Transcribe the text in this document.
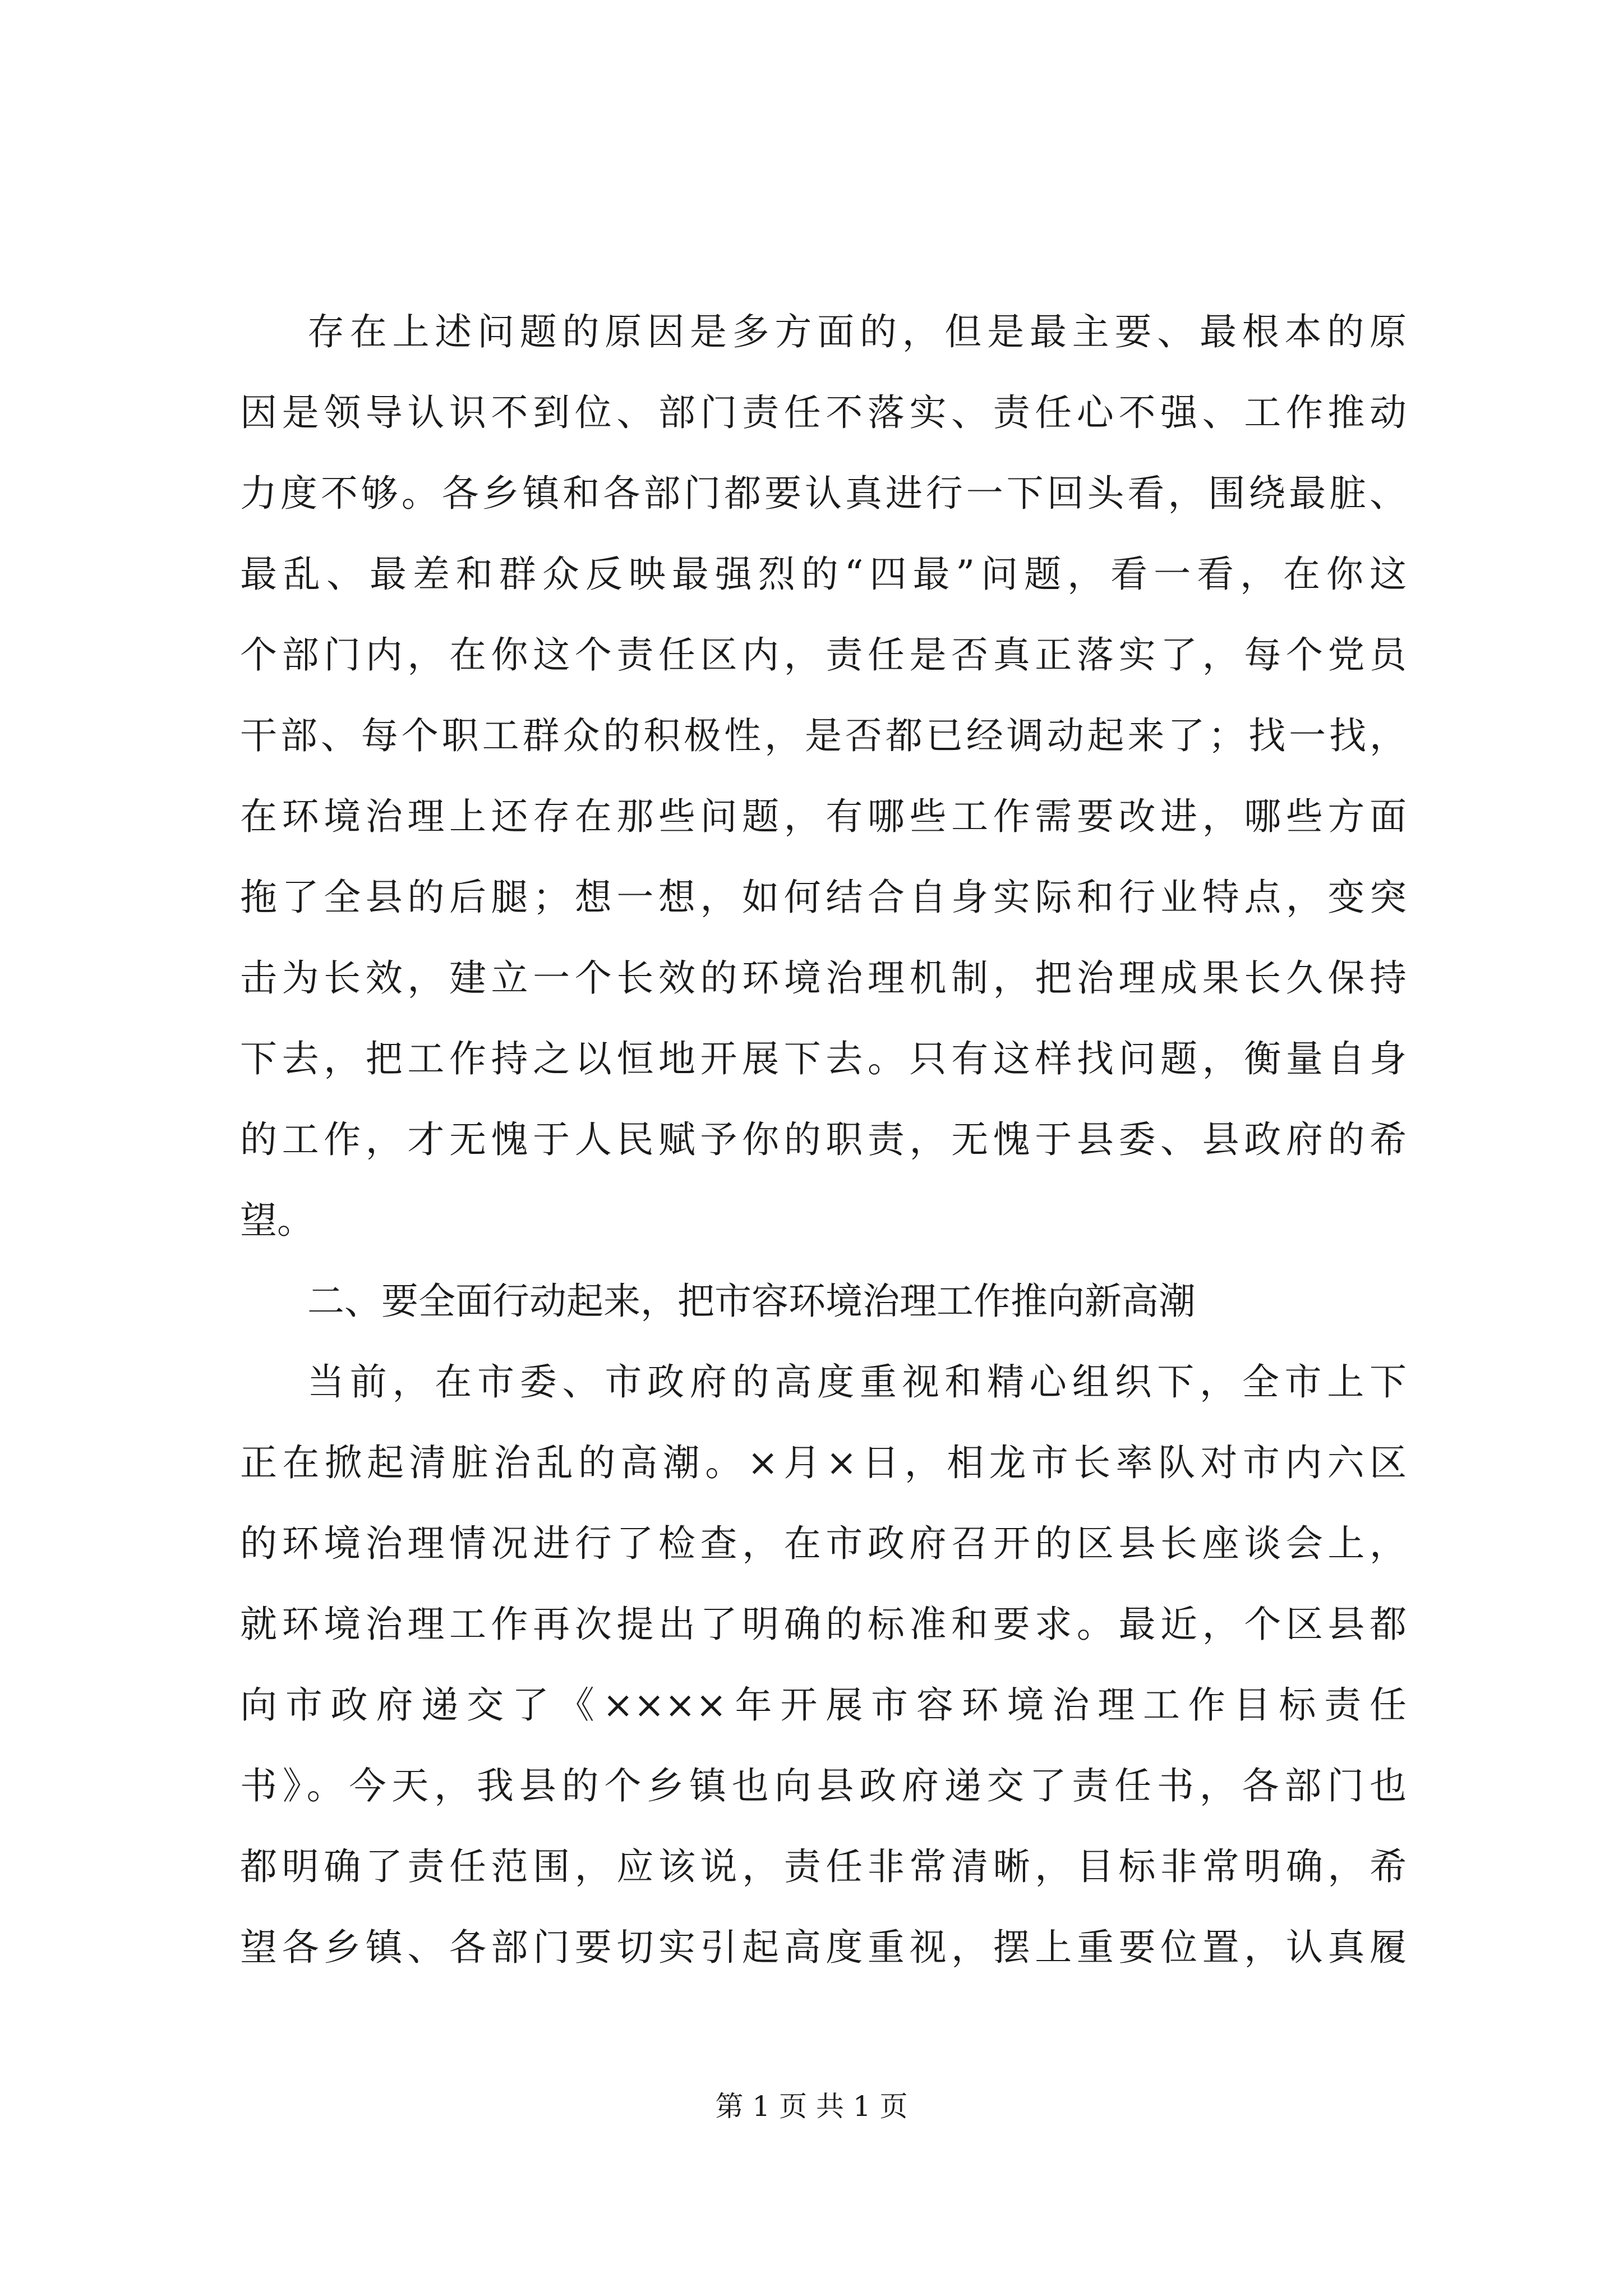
存在上述问题的原因是多方面的，但是最主要、最根本的原
因是领导认识不到位、部门责任不落实、责任心不强、工作推动
力度不够。各乡镇和各部门都要认真进行一下回头看，围绕最脏、
最乱、最差和群众反映最强烈的“四最”问题，看一看，在你这
个部门内，在你这个责任区内，责任是否真正落实了，每个党员
干部、每个职工群众的积极性，是否都已经调动起来了；找一找，
在环境治理上还存在那些问题，有哪些工作需要改进，哪些方面
拖了全县的后腿；想一想，如何结合自身实际和行业特点，变突
击为长效，建立一个长效的环境治理机制，把治理成果长久保持
下去，把工作持之以恒地开展下去。只有这样找问题，衡量自身
的工作，才无愧于人民赋予你的职责，无愧于县委、县政府的希
望。
二、要全面行动起来，把市容环境治理工作推向新高潮
当前，在市委、市政府的高度重视和精心组织下，全市上下
正在掀起清脏治乱的高潮。×月×日，相龙市长率队对市内六区
的环境治理情况进行了检查，在市政府召开的区县长座谈会上，
就环境治理工作再次提出了明确的标准和要求。最近，个区县都
向市政府递交了《××××年开展市容环境治理工作目标责任
书》。今天，我县的个乡镇也向县政府递交了责任书，各部门也
都明确了责任范围，应该说，责任非常清晰，目标非常明确，希
望各乡镇、各部门要切实引起高度重视，摆上重要位置，认真履
第 1 页 共 1 页
